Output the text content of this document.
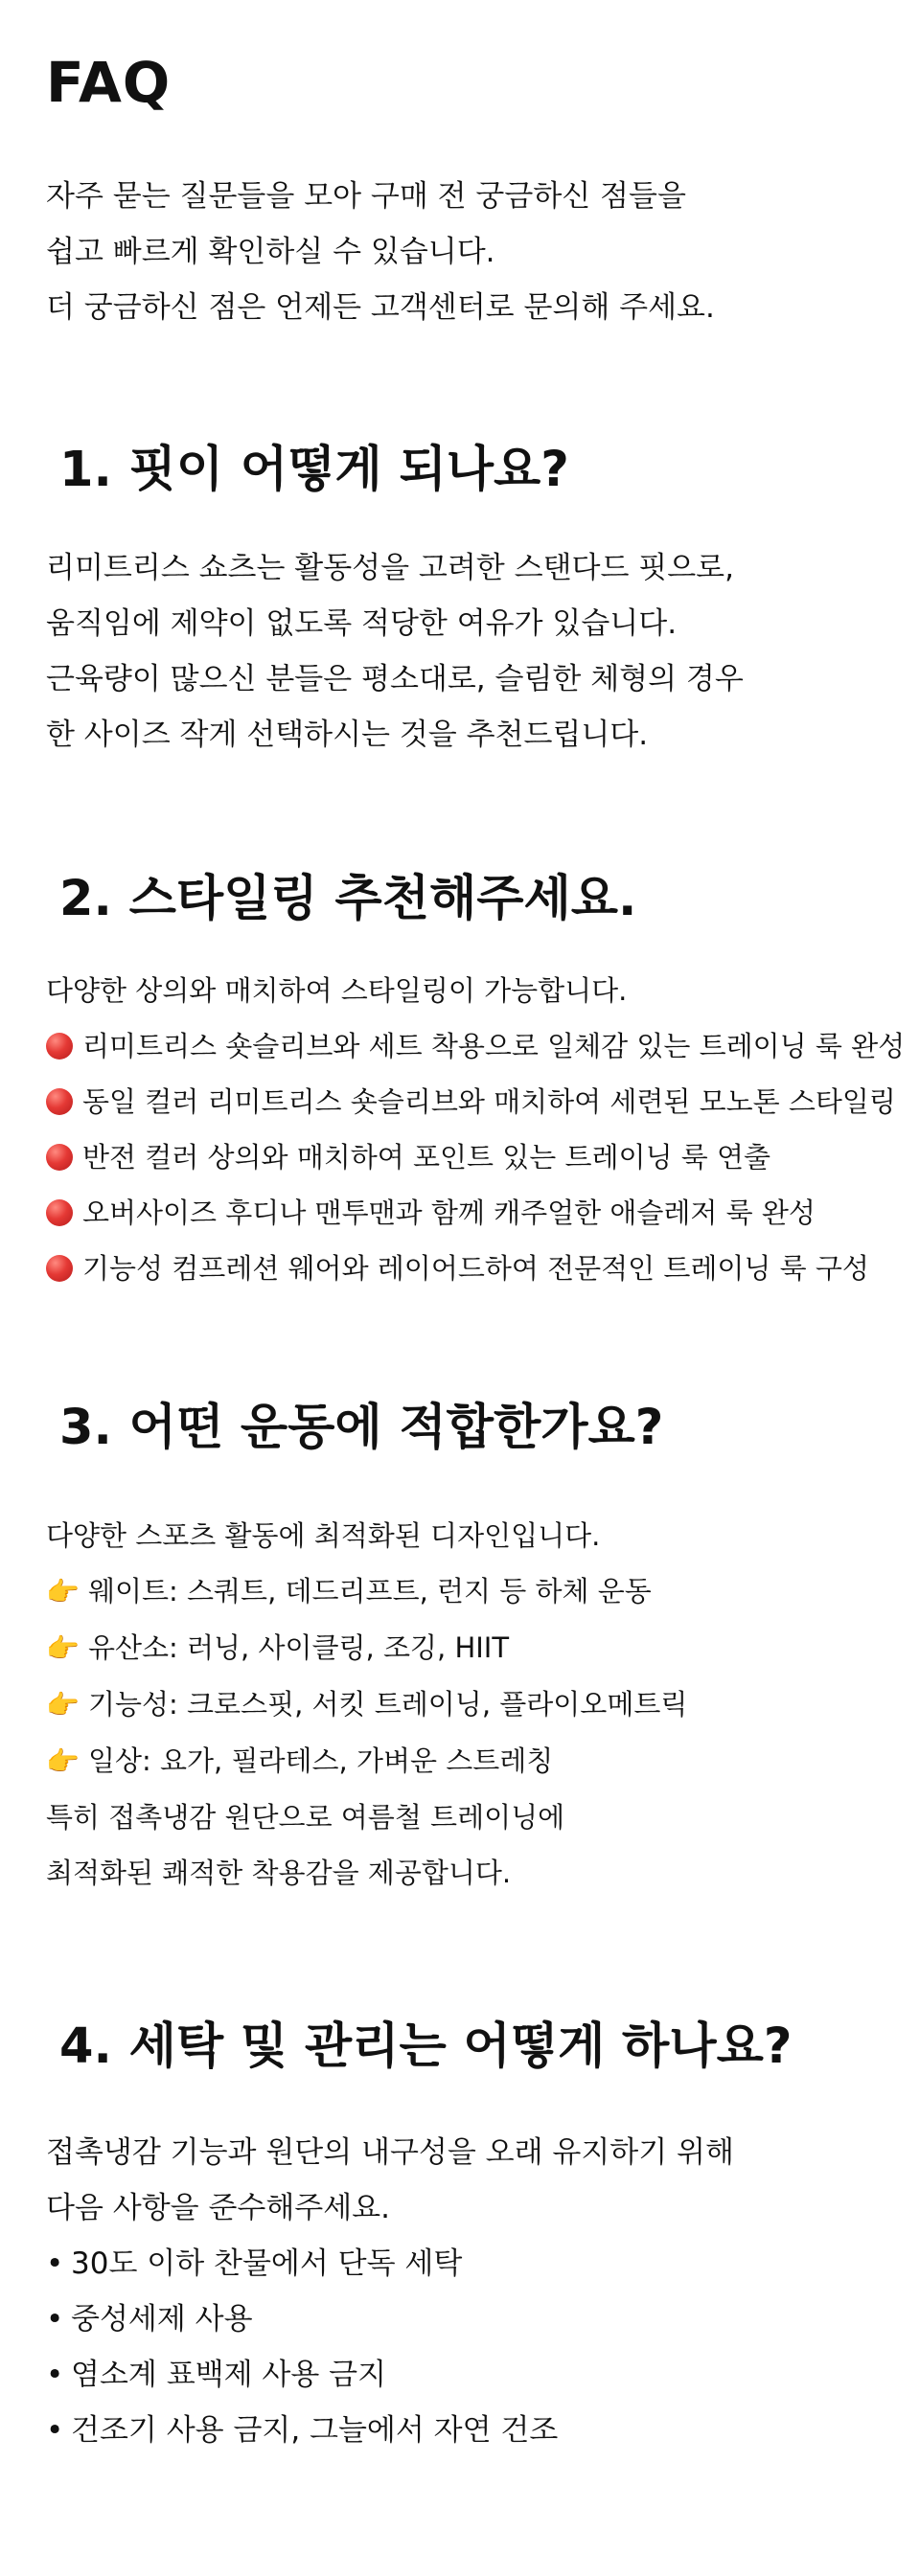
FAQ

자주 묻는 질문들을 모아 구매 전 궁금하신 점들을

쉽고 빠르게 확인하실 수 있습니다.

더 궁금하신 점은 언제든 고객센터로 문의해 주세요.

1. 핏이 어떻게 되나요?

리미트리스 쇼츠는 활동성을 고려한 스탠다드 핏으로,

움직임에 제약이 없도록 적당한 여유가 있습니다.

근육량이 많으신 분들은 평소대로, 슬림한 체형의 경우

한 사이즈 작게 선택하시는 것을 추천드립니다.

2. 스타일링 추천해주세요.

다양한 상의와 매치하여 스타일링이 가능합니다.

리미트리스 숏슬리브와 세트 착용으로 일체감 있는 트레이닝 룩 완성

동일 컬러 리미트리스 숏슬리브와 매치하여 세련된 모노톤 스타일링

반전 컬러 상의와 매치하여 포인트 있는 트레이닝 룩 연출

오버사이즈 후디나 맨투맨과 함께 캐주얼한 애슬레저 룩 완성

기능성 컴프레션 웨어와 레이어드하여 전문적인 트레이닝 룩 구성

3. 어떤 운동에 적합한가요?

다양한 스포츠 활동에 최적화된 디자인입니다.

👉 웨이트: 스쿼트, 데드리프트, 런지 등 하체 운동

👉 유산소: 러닝, 사이클링, 조깅, HIIT

👉 기능성: 크로스핏, 서킷 트레이닝, 플라이오메트릭

👉 일상: 요가, 필라테스, 가벼운 스트레칭

특히 접촉냉감 원단으로 여름철 트레이닝에

최적화된 쾌적한 착용감을 제공합니다.

4. 세탁 및 관리는 어떻게 하나요?

접촉냉감 기능과 원단의 내구성을 오래 유지하기 위해

다음 사항을 준수해주세요.

• 30도 이하 찬물에서 단독 세탁

• 중성세제 사용

• 염소계 표백제 사용 금지

• 건조기 사용 금지, 그늘에서 자연 건조
